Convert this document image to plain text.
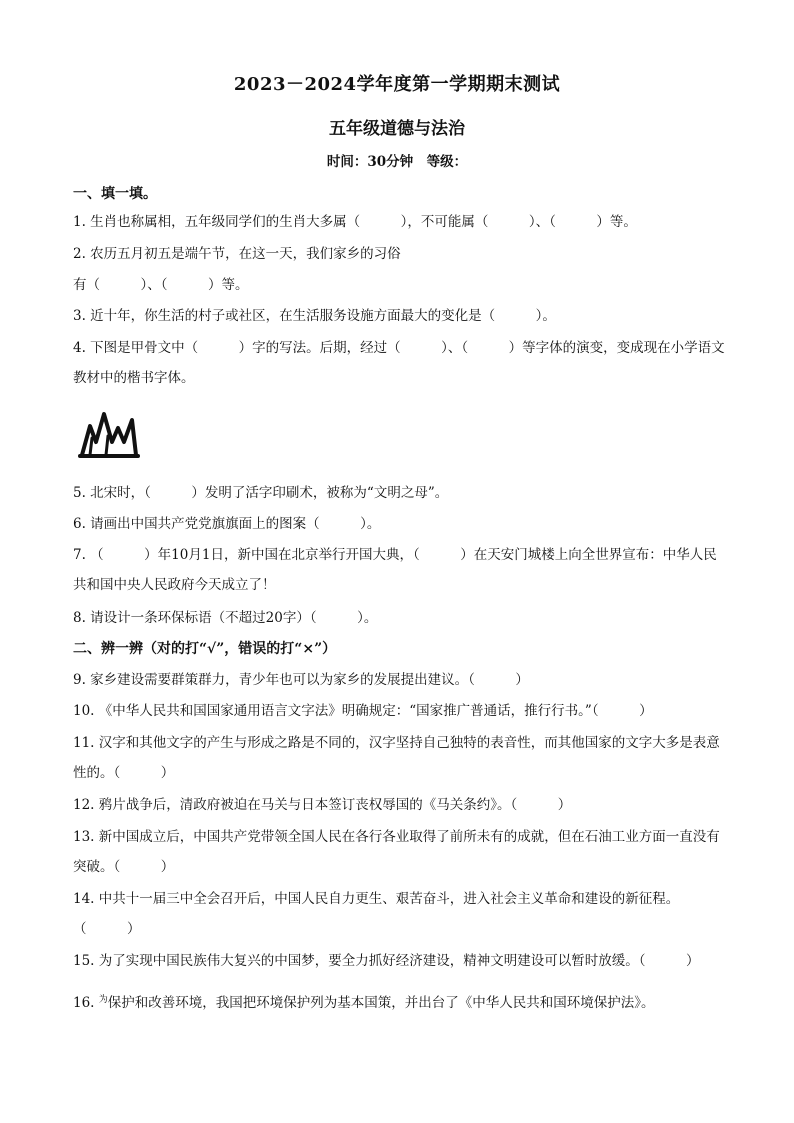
2023－2024学年度第一学期期末测试
五年级道德与法治
时间：30分钟　等级：
一、填一填。
1. 生肖也称属相，五年级同学们的生肖大多属（　　　），不可能属（　　　）、（　　　）等。
2. 农历五月初五是端午节，在这一天，我们家乡的习俗
有（　　　）、（　　　）等。
3. 近十年，你生活的村子或社区，在生活服务设施方面最大的变化是（　　　）。
4. 下图是甲骨文中（　　　）字的写法。后期，经过（　　　）、（　　　）等字体的演变，变成现在小学语文教材中的楷书字体。
5. 北宋时，（　　　）发明了活字印刷术，被称为“文明之母”。
6. 请画出中国共产党党旗旗面上的图案（　　　）。
7. （　　　）年10月1日，新中国在北京举行开国大典，（　　　）在天安门城楼上向全世界宣布：中华人民共和国中央人民政府今天成立了！
8. 请设计一条环保标语（不超过20字）（　　　）。
二、辨一辨（对的打“√”，错误的打“×”）
9. 家乡建设需要群策群力，青少年也可以为家乡的发展提出建议。（　　　）
10. 《中华人民共和国国家通用语言文字法》明确规定：“国家推广普通话，推行行书。”（　　　）
11. 汉字和其他文字的产生与形成之路是不同的，汉字坚持自己独特的表音性，而其他国家的文字大多是表意性的。（　　　）
12. 鸦片战争后，清政府被迫在马关与日本签订丧权辱国的《马关条约》。（　　　）
13. 新中国成立后，中国共产党带领全国人民在各行各业取得了前所未有的成就，但在石油工业方面一直没有突破。（　　　）
14. 中共十一届三中全会召开后，中国人民自力更生、艰苦奋斗，进入社会主义革命和建设的新征程。（　　　）
15. 为了实现中国民族伟大复兴的中国梦，要全力抓好经济建设，精神文明建设可以暂时放缓。（　　　）
16. $^为$保护和改善环境，我国把环境保护列为基本国策，并出台了《中华人民共和国环境保护法》。
